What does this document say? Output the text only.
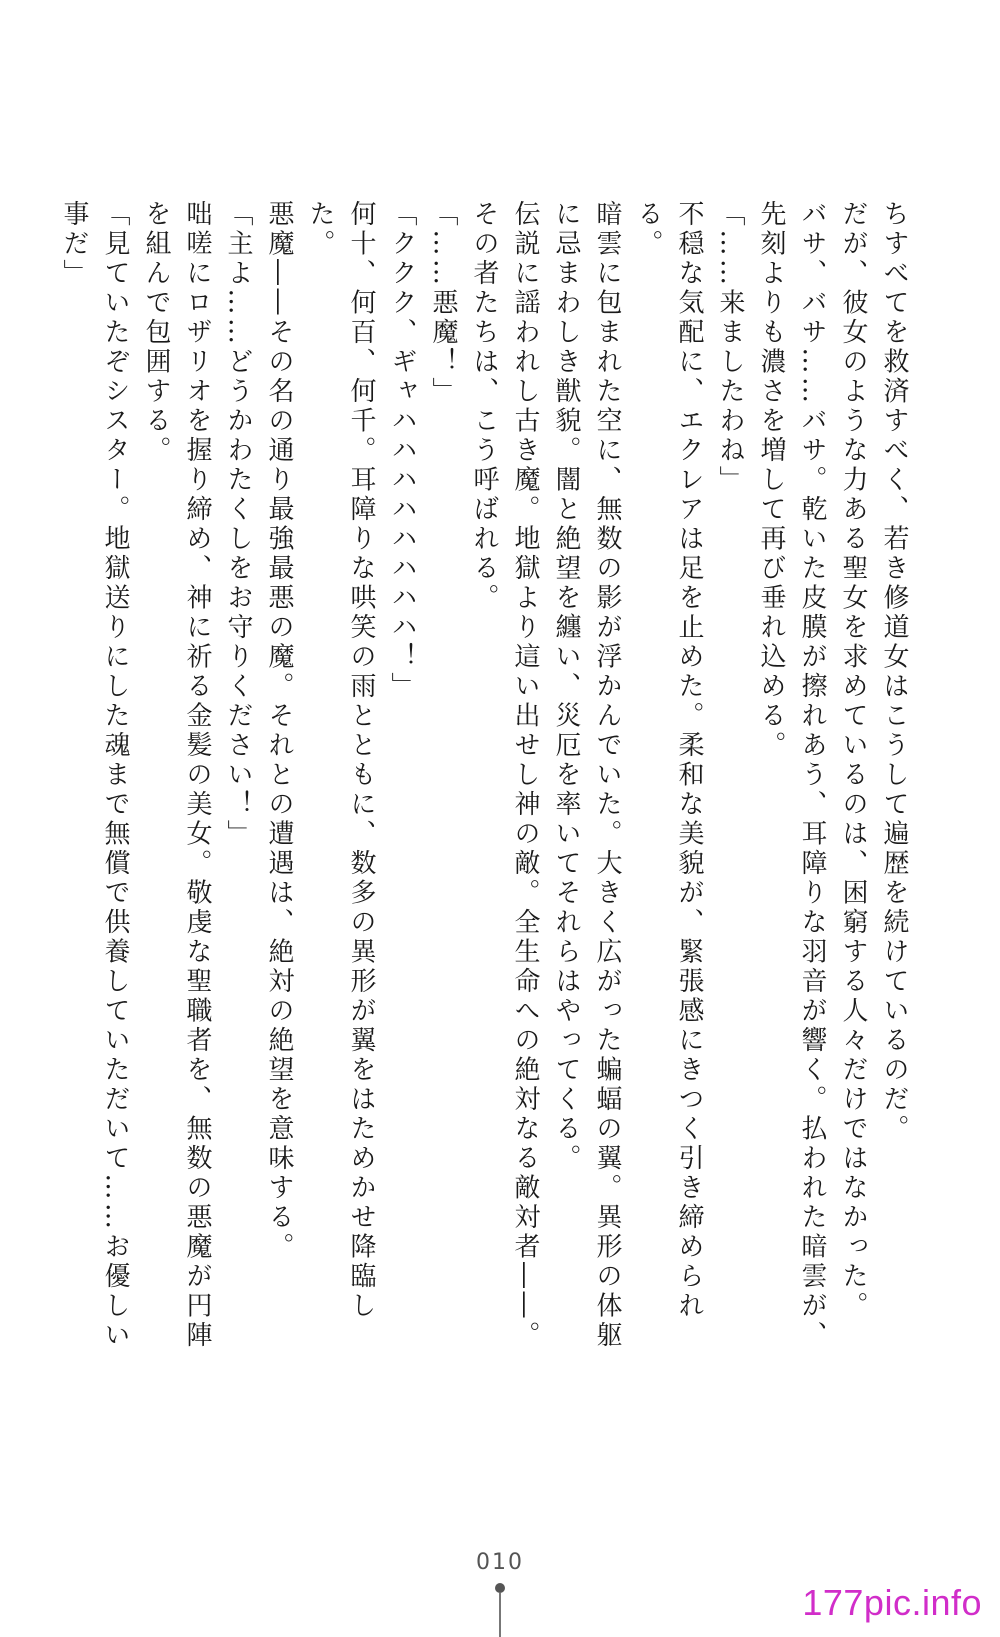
ちすべてを救済すべく、若き修道女はこうして遍歴を続けているのだ。

だが、彼女のような力ある聖女を求めているのは、困窮する人々だけではなかった。

バサ、バサ……バサ。乾いた皮膜が擦れあう、耳障りな羽音が響く。払われた暗雲が、先刻よりも濃さを増して再び垂れ込める。

「……来ましたわね」

不穏な気配に、エクレアは足を止めた。柔和な美貌が、緊張感にきつく引き締められる。

暗雲に包まれた空に、無数の影が浮かんでいた。大きく広がった蝙蝠の翼。異形の体躯に忌まわしき獣貌。闇と絶望を纏い、災厄を率いてそれらはやってくる。

伝説に謡われし古き魔。地獄より這い出せし神の敵。全生命への絶対なる敵対者――。

その者たちは、こう呼ばれる。

「……悪魔！」

「ククク、ギャハハハハハハハハ！」

何十、何百、何千。耳障りな哄笑の雨とともに、数多の異形が翼をはためかせ降臨した。

悪魔――その名の通り最強最悪の魔。それとの遭遇は、絶対の絶望を意味する。

「主よ……どうかわたくしをお守りください！」

咄嗟にロザリオを握り締め、神に祈る金髪の美女。敬虔な聖職者を、無数の悪魔が円陣を組んで包囲する。

「見ていたぞシスター。地獄送りにした魂まで無償で供養していただいて……お優しい事だ」

010
177pic.info
